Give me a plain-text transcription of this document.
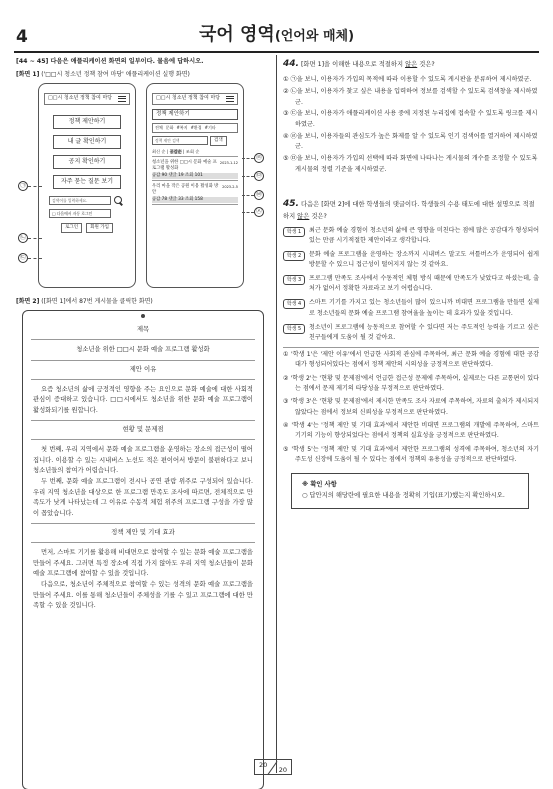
4	국어 영역(언어와 매체)
[44 ~ 45] 다음은 애플리케이션 화면의 일부이다. 물음에 답하시오.
[화면 1] ('□□시 청소년 정책 참여 마당' 애플리케이션 실행 화면)
□□시 청소년 정책 참여 마당
정책 제안하기
내 글 확인하기
공지 확인하기
자주 묻는 질문 보기
검색어를 입력하세요.
□ 다음에서 자동 로그인
로그인	회원 가입
□□시 청소년 정책 참여 마당
정책 제안하기
전체 문화 #복지 #환경 #기타
정책 제안 검색	검색
최신 순 | 공감순 | 조회 순
2023-1-12
청소년을 위한 □□시 문화 예술 프로그램 활성화
공감 90 댓글 19 조회 101
2023-2-5
우리 마을 작은 공원 이용 활성화 방안
공감 78 댓글 33 조회 158
㉠
㉡
㉢
㉣
㉤
㉥
㉦
[화면 2] ([화면 1]에서 87번 게시물을 클릭한 화면)
제목
청소년을 위한 □□시 문화 예술 프로그램 활성화
제안 이유

요즘 청소년의 삶에 긍정적인 영향을 주는 요인으로 문화 예술에 대한 사회적 관심이 증대하고 있습니다. □□시에서도 청소년을 위한 문화 예술 프로그램이 활성화되기를 원합니다.

현황 및 문제점

첫 번째, 우리 지역에서 문화 예술 프로그램을 운영하는 장소의 접근성이 떨어집니다. 이용할 수 있는 시내버스 노선도 적은 편이어서 방문이 불편하다고 보니 청소년들의 참여가 어렵습니다.

두 번째, 문화 예술 프로그램이 전시나 공연 관람 위주로 구성되어 있습니다. 우리 지역 청소년을 대상으로 한 프로그램 만족도 조사에 따르면, 전체적으로 만족도가 낮게 나타났는데 그 이유로 수동적 체험 위주의 프로그램 구성을 가장 많이 꼽았습니다.

정책 제안 및 기대 효과

먼저, 스마트 기기를 활용해 비대면으로 참여할 수 있는 문화 예술 프로그램을 만들어 주세요. 그러면 특정 장소에 직접 가지 않아도 우리 지역 청소년들이 문화 예술 프로그램에 참여할 수 있을 것입니다.

다음으로, 청소년이 주체적으로 참여할 수 있는 성격의 문화 예술 프로그램을 만들어 주세요. 이를 통해 청소년들이 주체성을 기를 수 있고 프로그램에 대한 만족할 수 있을 것입니다.

44. [화면 1]을 이해한 내용으로 적절하지 않은 것은?
① ㉠을 보니, 이용자가 가입의 목적에 따라 이용할 수 있도록 게시판을 분류하여 제시하였군.
② ㉡을 보니, 이용자가 찾고 싶은 내용을 입력하여 정보를 검색할 수 있도록 검색창을 제시하였군.
③ ㉢을 보니, 이용자가 애플리케이션 사용 중에 지정된 누리집에 접속할 수 있도록 링크를 제시하였군.
④ ㉣을 보니, 이용자들의 관심도가 높은 화제를 알 수 있도록 인기 검색어를 열거하여 제시하였군.
⑤ ㉤을 보니, 이용자가 가입의 선택에 따라 화면에 나타나는 게시물의 개수를 조정할 수 있도록 게시물의 정렬 기준을 제시하였군.
45. 다음은 [화면 2]에 대한 학생들의 댓글이다. 학생들의 수용 태도에 대한 설명으로 적절하지 않은 것은?
학생 1	최근 문화 예술 경험이 청소년의 삶에 큰 영향을 미친다는 점에 많은 공감대가 형성되어 있는 만큼 시기적절한 제안이라고 생각합니다.
학생 2	문화 예술 프로그램을 운영하는 장소까지 시내버스 말고도 셔틀버스가 운영되어 쉽게 방문할 수 있으니 접근성이 떨어지지 않는 것 같아요.
학생 3	프로그램 만족도 조사에서 수동적인 체험 방식 때문에 만족도가 낮았다고 하셨는데, 출처가 없어서 정확한 자료라고 보기 어렵습니다.
학생 4	스마트 기기를 가지고 있는 청소년들이 많이 있으니까 비대면 프로그램을 만들면 실제로 청소년들의 문화 예술 프로그램 참여율을 높이는 데 효과가 있을 것입니다.
학생 5	청소년이 프로그램에 능동적으로 참여할 수 있다면 저는 주도적인 능력을 기르고 싶은 친구들에게 도움이 될 것 같아요.
① '학생 1'은 '제안 이유'에서 언급한 사회적 관심에 주목하여, 최근 문화 예술 경험에 대한 공감대가 형성되어있다는 점에서 정책 제안의 시의성을 긍정적으로 판단하였다.
② '학생 2'는 '현황 및 문제점'에서 언급한 접근성 문제에 주목하여, 실제로는 다른 교통편이 있다는 점에서 문제 제기의 타당성을 부정적으로 판단하였다.
③ '학생 3'은 '현황 및 문제점'에서 제시한 만족도 조사 자료에 주목하여, 자료의 출처가 제시되지 않았다는 점에서 정보의 신뢰성을 부정적으로 판단하였다.
④ '학생 4'는 '정책 제안 및 기대 효과'에서 제안한 비대면 프로그램의 개발에 주목하여, 스마트 기기의 기능이 향상되었다는 점에서 정책의 실효성을 긍정적으로 판단하였다.
⑤ '학생 5'는 '정책 제안 및 기대 효과'에서 제안한 프로그램의 성격에 주목하여, 청소년의 자기 주도성 신장에 도움이 될 수 있다는 점에서 정책의 유용성을 긍정적으로 판단하였다.
※ 확인 사항
○ 답안지의 해당란에 필요한 내용을 정확히 기입(표기)했는지 확인하시오.
20
20
